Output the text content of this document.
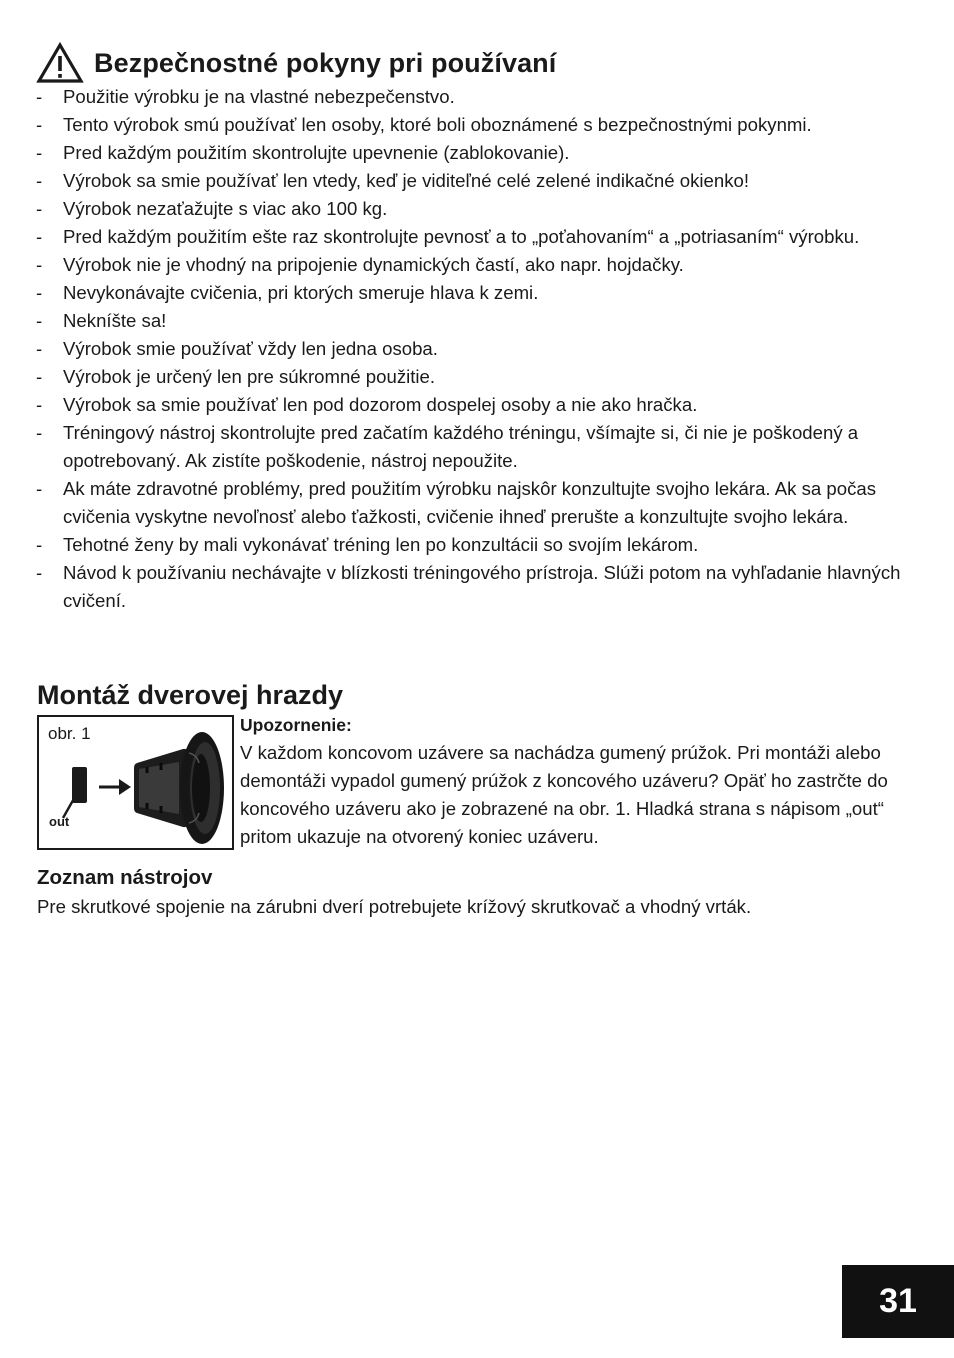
Bezpečnostné pokyny pri používaní
- Použitie výrobku je na vlastné nebezpečenstvo.
- Tento výrobok smú používať len osoby, ktoré boli oboznámené s bezpečnostnými pokynmi.
- Pred každým použitím skontrolujte upevnenie (zablokovanie).
- Výrobok sa smie používať len vtedy, keď je viditeľné celé zelené indikačné okienko!
- Výrobok nezaťažujte s viac ako 100 kg.
- Pred každým použitím ešte raz skontrolujte pevnosť a to „poťahovaním“ a „potriasaním“ výrobku.
- Výrobok nie je vhodný na pripojenie dynamických častí, ako napr. hojdačky.
- Nevykonávajte cvičenia, pri ktorých smeruje hlava k zemi.
- Nekníšte sa!
- Výrobok smie používať vždy len jedna osoba.
- Výrobok je určený len pre súkromné použitie.
- Výrobok sa smie používať len pod dozorom dospelej osoby a nie ako hračka.
- Tréningový nástroj skontrolujte pred začatím každého tréningu, všímajte si, či nie je poškodený a opotrebovaný. Ak zistíte poškodenie, nástroj nepoužite.
- Ak máte zdravotné problémy, pred použitím výrobku najskôr konzultujte svojho lekára. Ak sa počas cvičenia vyskytne nevoľnosť alebo ťažkosti, cvičenie ihneď prerušte a konzultujte svojho lekára.
- Tehotné ženy by mali vykonávať tréning len po konzultácii so svojím lekárom.
- Návod k používaniu nechávajte v blízkosti tréningového prístroja. Slúži potom na vyhľadanie hlavných cvičení.
Montáž dverovej hrazdy
obr. 1
out
Upozornenie:
V každom koncovom uzávere sa nachádza gumený prúžok. Pri montáži alebo demontáži vypadol gumený prúžok z koncového uzáveru? Opäť ho zastrčte do koncového uzáveru ako je zobrazené na obr. 1. Hladká strana s nápisom „out“ pritom ukazuje na otvorený koniec uzáveru.
Zoznam nástrojov
Pre skrutkové spojenie na zárubni dverí potrebujete krížový skrutkovač a vhodný vrták.
31
